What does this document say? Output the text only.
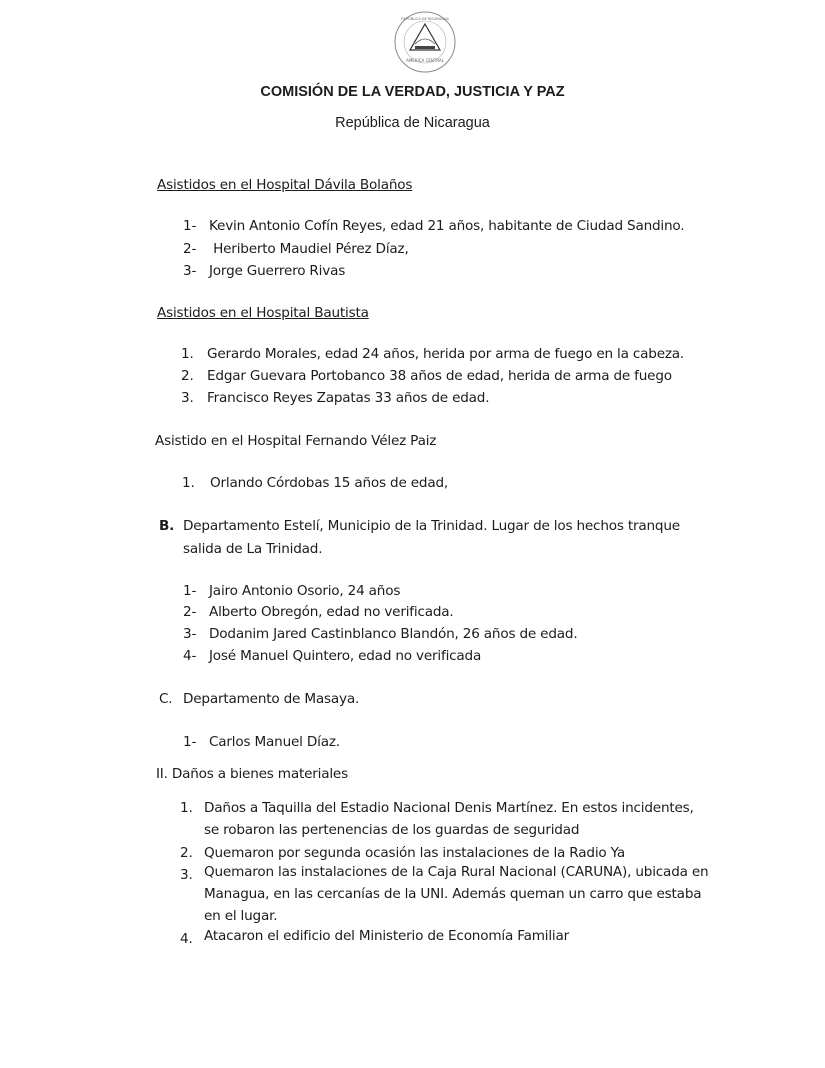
AMERICA CENTRAL
REPUBLICA DE NICARAGUA
COMISIÓN DE LA VERDAD, JUSTICIA Y PAZ
República de Nicaragua
Asistidos en el Hospital Dávila Bolaños
1- Kevin Antonio Cofín Reyes, edad 21 años, habitante de Ciudad Sandino.
2- Heriberto Maudiel Pérez Díaz,
3- Jorge Guerrero Rivas
Asistidos en el Hospital Bautista
1. Gerardo Morales, edad 24 años, herida por arma de fuego en la cabeza.
2. Edgar Guevara Portobanco 38 años de edad, herida de arma de fuego
3. Francisco Reyes Zapatas 33 años de edad.
Asistido en el Hospital Fernando Vélez Paiz
1. Orlando Córdobas 15 años de edad,
B. Departamento Estelí, Municipio de la Trinidad. Lugar de los hechos tranque
salida de La Trinidad.
1- Jairo Antonio Osorio, 24 años
2- Alberto Obregón, edad no verificada.
3- Dodanim Jared Castinblanco Blandón, 26 años de edad.
4- José Manuel Quintero, edad no verificada
C. Departamento de Masaya.
1- Carlos Manuel Díaz.
II. Daños a bienes materiales
1. Daños a Taquilla del Estadio Nacional Denis Martínez. En estos incidentes,
se robaron las pertenencias de los guardas de seguridad
2. Quemaron por segunda ocasión las instalaciones de la Radio Ya
3. Quemaron las instalaciones de la Caja Rural Nacional (CARUNA), ubicada en
Managua, en las cercanías de la UNI. Además queman un carro que estaba
en el lugar.
4. Atacaron el edificio del Ministerio de Economía Familiar
